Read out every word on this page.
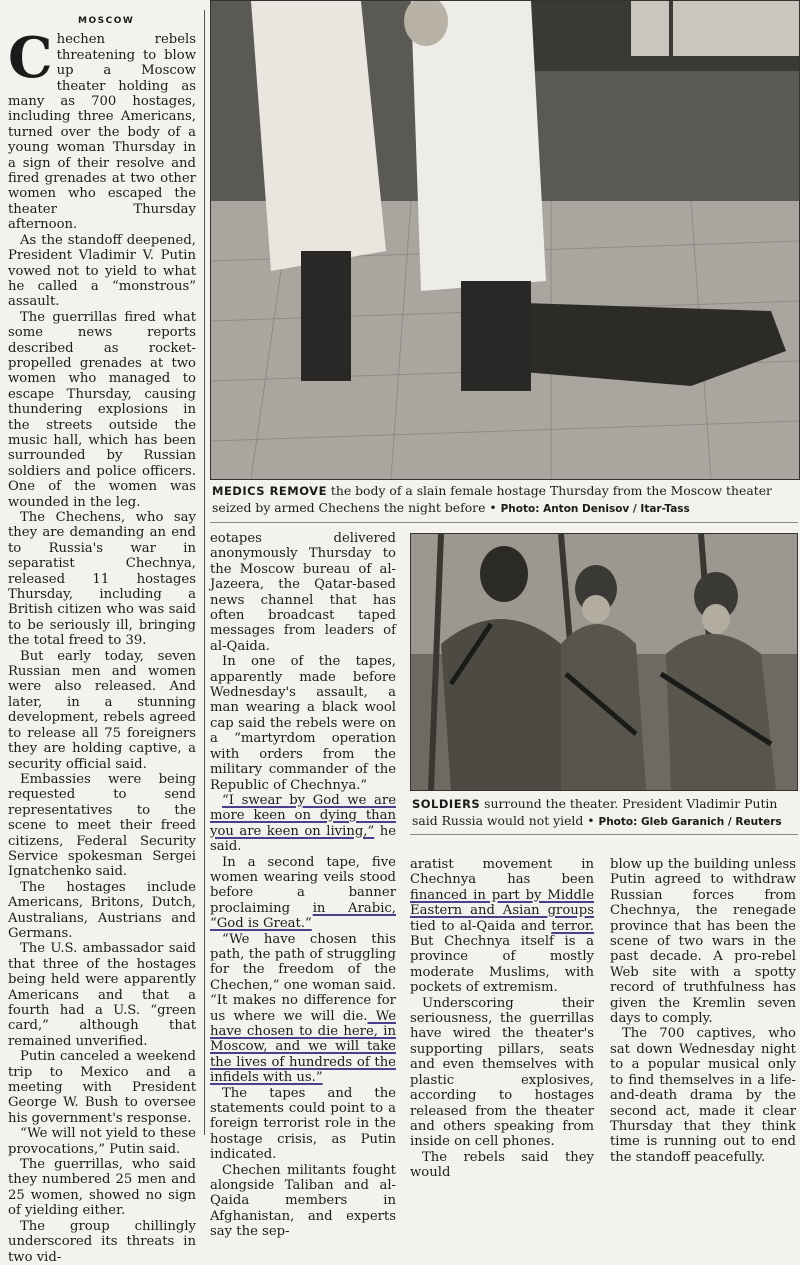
MOSCOW

Chechen rebels threatening to blow up a Moscow theater holding as many as 700 hostages, including three Americans, turned over the body of a young woman Thursday in a sign of their resolve and fired grenades at two other women who escaped the theater Thursday afternoon.

As the standoff deepened, President Vladimir V. Putin vowed not to yield to what he called a “monstrous” assault.

The guerrillas fired what some news reports described as rocket-propelled grenades at two women who managed to escape Thursday, causing thundering explosions in the streets outside the music hall, which has been surrounded by Russian soldiers and police officers. One of the women was wounded in the leg.

The Chechens, who say they are demanding an end to Russia's war in separatist Chechnya, released 11 hostages Thursday, including a British citizen who was said to be seriously ill, bringing the total freed to 39.

But early today, seven Russian men and women were also released. And later, in a stunning development, rebels agreed to release all 75 foreigners they are holding captive, a security official said.

Embassies were being requested to send representatives to the scene to meet their freed citizens, Federal Security Service spokesman Sergei Ignatchenko said.

The hostages include Americans, Britons, Dutch, Australians, Austrians and Germans.

The U.S. ambassador said that three of the hostages being held were apparently Americans and that a fourth had a U.S. “green card,” although that remained unverified.

Putin canceled a weekend trip to Mexico and a meeting with President George W. Bush to oversee his government's response.

“We will not yield to these provocations,” Putin said.

The guerrillas, who said they numbered 25 men and 25 women, showed no sign of yielding either.

The group chillingly underscored its threats in two vid-

MEDICS REMOVE the body of a slain female hostage Thursday from the Moscow theater seized by armed Chechens the night before • Photo: Anton Denisov / Itar-Tass

eotapes delivered anonymously Thursday to the Moscow bureau of al-Jazeera, the Qatar-based news channel that has often broadcast taped messages from leaders of al-Qaida.

In one of the tapes, apparently made before Wednesday's assault, a man wearing a black wool cap said the rebels were on a “martyrdom operation with orders from the military commander of the Republic of Chechnya.”

“I swear by God we are more keen on dying than you are keen on living,” he said.

In a second tape, five women wearing veils stood before a banner proclaiming in Arabic, “God is Great.”

“We have chosen this path, the path of struggling for the freedom of the Chechen,” one woman said. “It makes no difference for us where we will die. We have chosen to die here, in Moscow, and we will take the lives of hundreds of the infidels with us.”

The tapes and the statements could point to a foreign terrorist role in the hostage crisis, as Putin indicated.

Chechen militants fought alongside Taliban and al-Qaida members in Afghanistan, and experts say the sep-

SOLDIERS surround the theater. President Vladimir Putin said Russia would not yield • Photo: Gleb Garanich / Reuters

aratist movement in Chechnya has been financed in part by Middle Eastern and Asian groups tied to al-Qaida and terror. But Chechnya itself is a province of mostly moderate Muslims, with pockets of extremism.

Underscoring their seriousness, the guerrillas have wired the theater's supporting pillars, seats and even themselves with plastic explosives, according to hostages released from the theater and others speaking from inside on cell phones.

The rebels said they would

blow up the building unless Putin agreed to withdraw Russian forces from Chechnya, the renegade province that has been the scene of two wars in the past decade. A pro-rebel Web site with a spotty record of truthfulness has given the Kremlin seven days to comply.

The 700 captives, who sat down Wednesday night to a popular musical only to find themselves in a life-and-death drama by the second act, made it clear Thursday that they think time is running out to end the standoff peacefully.
